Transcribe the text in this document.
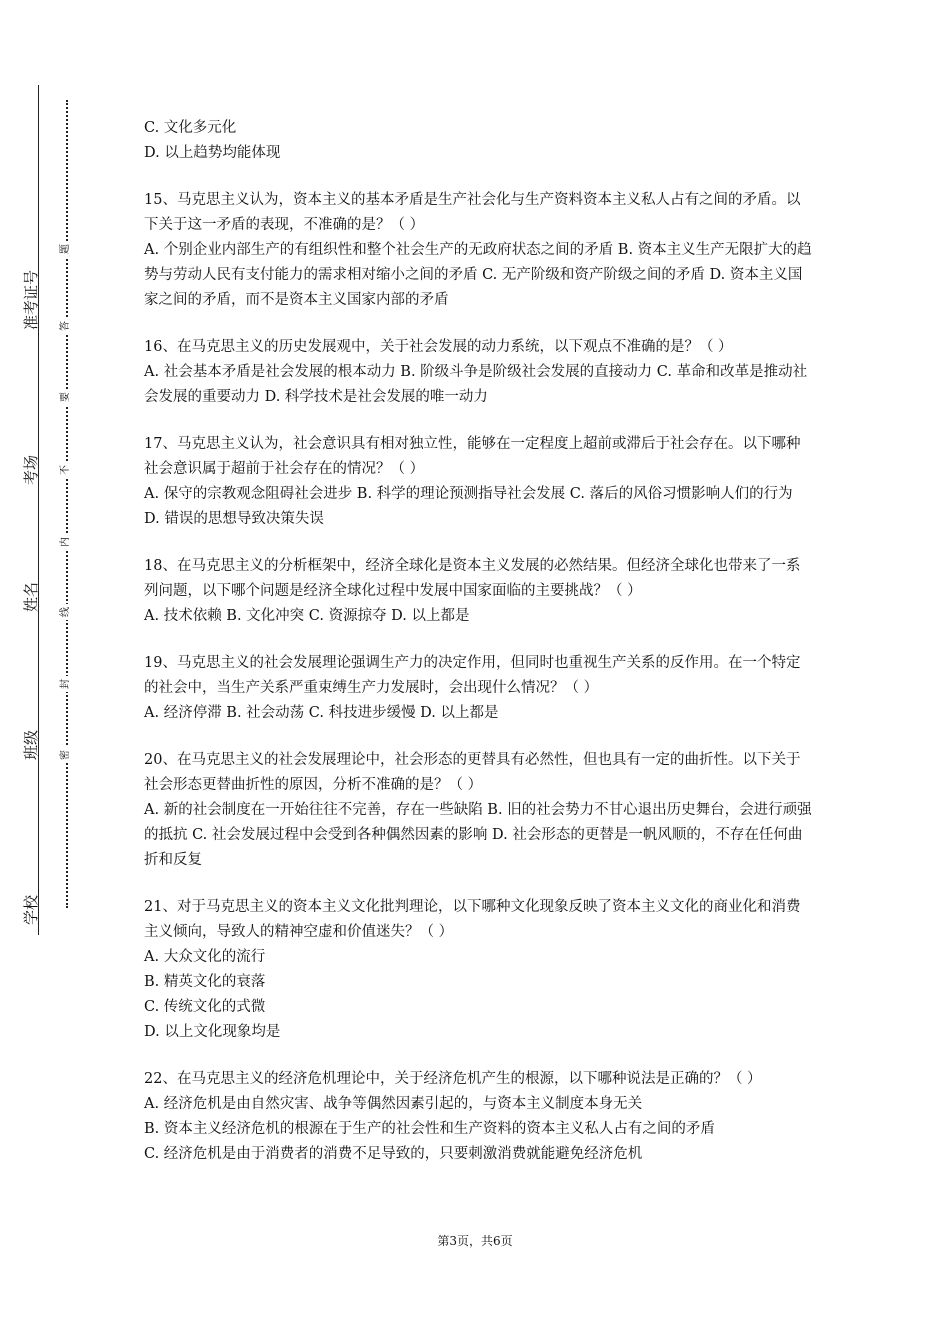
准考证号
考场
姓名
班级
学校
题
答
要
不
内
线
封
密

C. 文化多元化

D. 以上趋势均能体现

15、马克思主义认为，资本主义的基本矛盾是生产社会化与生产资料资本主义私人占有之间的矛盾。以下关于这一矛盾的表现，不准确的是？（ ）

A. 个别企业内部生产的有组织性和整个社会生产的无政府状态之间的矛盾 B. 资本主义生产无限扩大的趋势与劳动人民有支付能力的需求相对缩小之间的矛盾 C. 无产阶级和资产阶级之间的矛盾 D. 资本主义国家之间的矛盾，而不是资本主义国家内部的矛盾

16、在马克思主义的历史发展观中，关于社会发展的动力系统，以下观点不准确的是？（ ）

A. 社会基本矛盾是社会发展的根本动力 B. 阶级斗争是阶级社会发展的直接动力 C. 革命和改革是推动社会发展的重要动力 D. 科学技术是社会发展的唯一动力

17、马克思主义认为，社会意识具有相对独立性，能够在一定程度上超前或滞后于社会存在。以下哪种社会意识属于超前于社会存在的情况？（ ）

A. 保守的宗教观念阻碍社会进步 B. 科学的理论预测指导社会发展 C. 落后的风俗习惯影响人们的行为 D. 错误的思想导致决策失误

18、在马克思主义的分析框架中，经济全球化是资本主义发展的必然结果。但经济全球化也带来了一系列问题，以下哪个问题是经济全球化过程中发展中国家面临的主要挑战？（ ）

A. 技术依赖 B. 文化冲突 C. 资源掠夺 D. 以上都是

19、马克思主义的社会发展理论强调生产力的决定作用，但同时也重视生产关系的反作用。在一个特定的社会中，当生产关系严重束缚生产力发展时，会出现什么情况？（ ）

A. 经济停滞 B. 社会动荡 C. 科技进步缓慢 D. 以上都是

20、在马克思主义的社会发展理论中，社会形态的更替具有必然性，但也具有一定的曲折性。以下关于社会形态更替曲折性的原因，分析不准确的是？（ ）

A. 新的社会制度在一开始往往不完善，存在一些缺陷 B. 旧的社会势力不甘心退出历史舞台，会进行顽强的抵抗 C. 社会发展过程中会受到各种偶然因素的影响 D. 社会形态的更替是一帆风顺的，不存在任何曲折和反复

21、对于马克思主义的资本主义文化批判理论，以下哪种文化现象反映了资本主义文化的商业化和消费主义倾向，导致人的精神空虚和价值迷失？（ ）

A. 大众文化的流行

B. 精英文化的衰落

C. 传统文化的式微

D. 以上文化现象均是

22、在马克思主义的经济危机理论中，关于经济危机产生的根源，以下哪种说法是正确的？（ ）

A. 经济危机是由自然灾害、战争等偶然因素引起的，与资本主义制度本身无关

B. 资本主义经济危机的根源在于生产的社会性和生产资料的资本主义私人占有之间的矛盾

C. 经济危机是由于消费者的消费不足导致的，只要刺激消费就能避免经济危机

第3页，共6页
